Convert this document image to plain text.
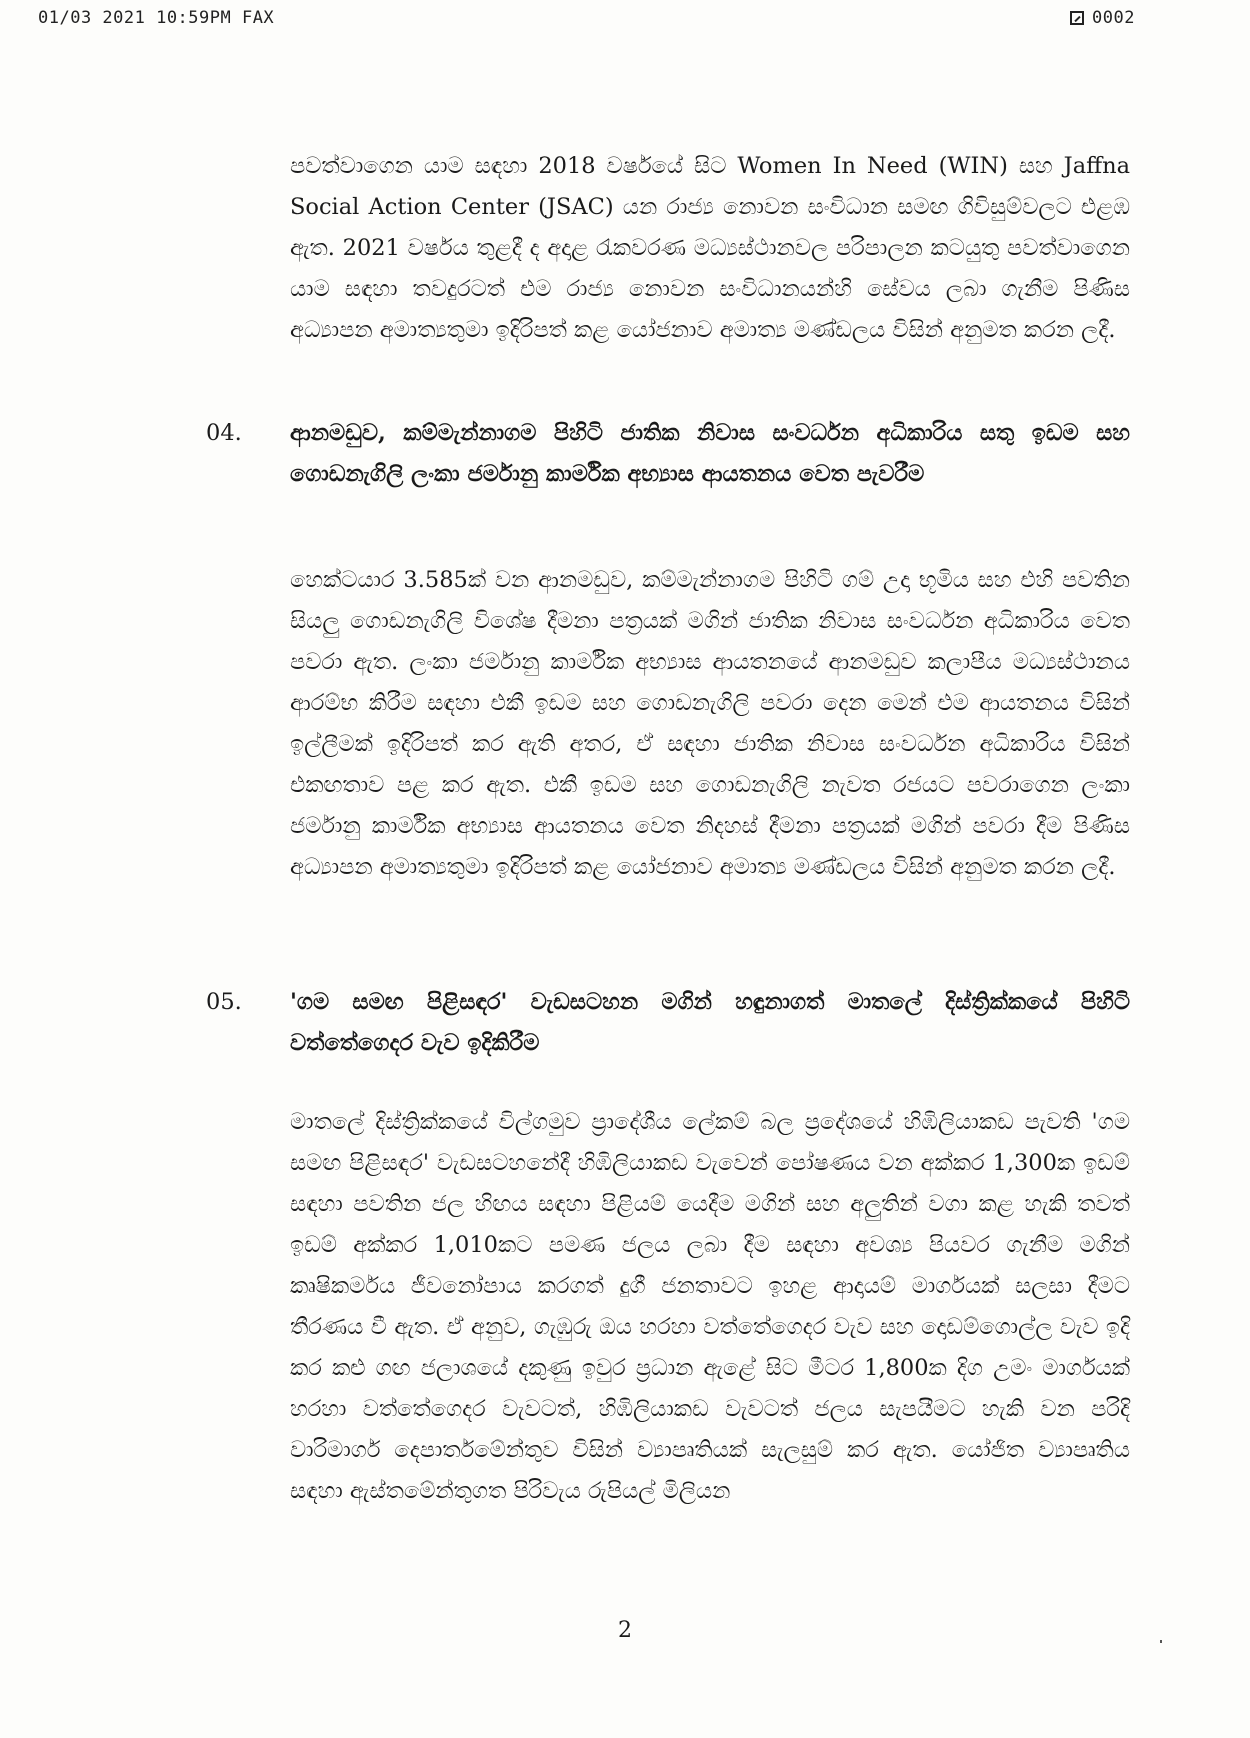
01/03 2021 10:59PM FAX	0002

පවත්වාගෙන යාම සඳහා 2018 වර්ෂයේ සිට Women In Need (WIN) සහ Jaffna Social Action Center (JSAC) යන රාජ්‍ය නොවන සංවිධාන සමඟ ගිවිසුම්වලට එළඹ ඇත. 2021 වර්ෂය තුළදී ද අදාළ රැකවරණ මධ්‍යස්ථානවල පරිපාලන කටයුතු පවත්වාගෙන යාම සඳහා තවදුරටත් එම රාජ්‍ය නොවන සංවිධානයන්හි සේවය ලබා ගැනීම පිණිස අධ්‍යාපන අමාත්‍යතුමා ඉදිරිපත් කළ යෝජනාව අමාත්‍ය මණ්ඩලය විසින් අනුමත කරන ලදී.

04. ආනමඩුව, කම්මැන්නාගම පිහිටි ජාතික නිවාස සංවර්ධන අධිකාරිය සතු ඉඩම සහ ගොඩනැගිලි ලංකා ජර්මානු කාර්මික අභ්‍යාස ආයතනය වෙත පැවරීම

හෙක්ටයාර 3.585ක් වන ආනමඩුව, කම්මැන්නාගම පිහිටි ගම් උදා භූමිය සහ එහි පවතින සියලු ගොඩනැගිලි විශේෂ දීමනා පත්‍රයක් මගින් ජාතික නිවාස සංවර්ධන අධිකාරිය වෙත පවරා ඇත. ලංකා ජර්මානු කාර්මික අභ්‍යාස ආයතනයේ ආනමඩුව කලාපීය මධ්‍යස්ථානය ආරම්භ කිරීම සඳහා එකී ඉඩම සහ ගොඩනැගිලි පවරා දෙන මෙන් එම ආයතනය විසින් ඉල්ලීමක් ඉදිරිපත් කර ඇති අතර, ඒ සඳහා ජාතික නිවාස සංවර්ධන අධිකාරිය විසින් එකඟතාව පළ කර ඇත. එකී ඉඩම සහ ගොඩනැගිලි නැවත රජයට පවරාගෙන ලංකා ජර්මානු කාර්මික අභ්‍යාස ආයතනය වෙත නිදහස් දීමනා පත්‍රයක් මගින් පවරා දීම පිණිස අධ්‍යාපන අමාත්‍යතුමා ඉදිරිපත් කළ යෝජනාව අමාත්‍ය මණ්ඩලය විසින් අනුමත කරන ලදී.

05. 'ගම සමඟ පිළිසඳර' වැඩසටහන මගින් හඳුනාගත් මාතලේ දිස්ත්‍රික්කයේ පිහිටි වත්තේගෙදර වැව ඉදිකිරීම

මාතලේ දිස්ත්‍රික්කයේ විල්ගමුව ප්‍රාදේශීය ලේකම් බල ප්‍රදේශයේ හිඹිලියාකඩ පැවති 'ගම සමඟ පිළිසඳර' වැඩසටහනේදී හිඹිලියාකඩ වැවෙන් පෝෂණය වන අක්කර 1,300ක ඉඩම් සඳහා පවතින ජල හිඟය සඳහා පිළියම් යෙදීම මගින් සහ අලුතින් වගා කළ හැකි තවත් ඉඩම් අක්කර 1,010කට පමණ ජලය ලබා දීම සඳහා අවශ්‍ය පියවර ගැනීම මගින් කෘෂිකර්මය ජීවනෝපාය කරගත් දුගී ජනතාවට ඉහළ ආදායම් මාර්ගයක් සලසා දීමට තීරණය වී ඇත. ඒ අනුව, ගැඹුරු ඔය හරහා වත්තේගෙදර වැව සහ දොඩම්ගොල්ල වැව ඉදි කර කළු ගඟ ජලාශයේ දකුණු ඉවුර ප්‍රධාන ඇළේ සිට මීටර 1,800ක දිග උමං මාර්ගයක් හරහා වත්තේගෙදර වැවටත්, හිඹිලියාකඩ වැවටත් ජලය සැපයීමට හැකි වන පරිදි වාරිමාර්ග දෙපාර්තමේන්තුව විසින් ව්‍යාපෘතියක් සැලසුම් කර ඇත. යෝජිත ව්‍යාපෘතිය සඳහා ඇස්තමේන්තුගත පිරිවැය රුපියල් මිලියන

2
